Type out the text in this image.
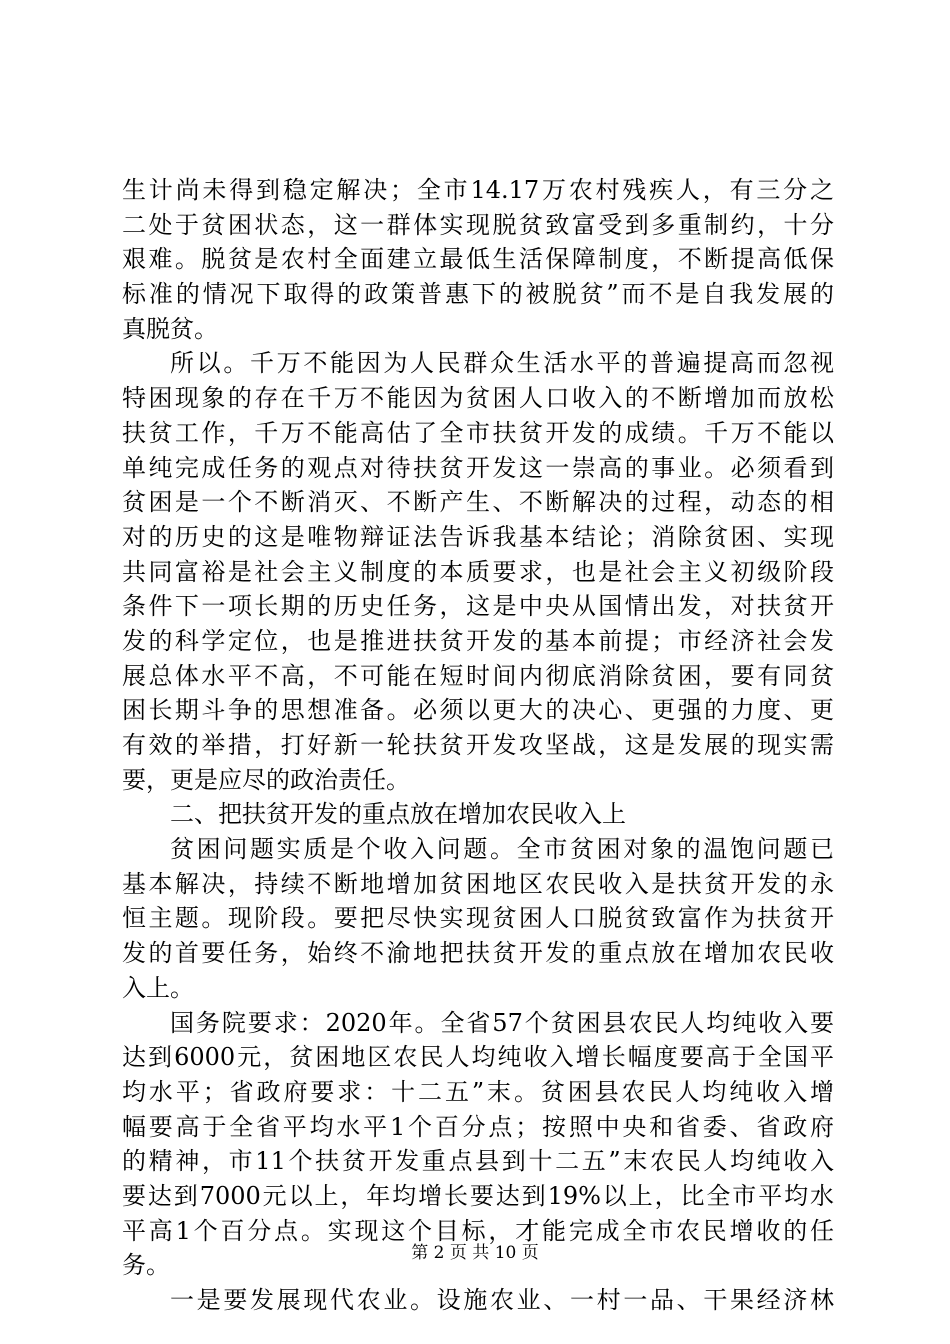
生计尚未得到稳定解决；全市14.17万农村残疾人，有三分之
二处于贫困状态，这一群体实现脱贫致富受到多重制约，十分
艰难。脱贫是农村全面建立最低生活保障制度，不断提高低保
标准的情况下取得的政策普惠下的被脱贫”而不是自我发展的
真脱贫。
所以。千万不能因为人民群众生活水平的普遍提高而忽视
特困现象的存在千万不能因为贫困人口收入的不断增加而放松
扶贫工作，千万不能高估了全市扶贫开发的成绩。千万不能以
单纯完成任务的观点对待扶贫开发这一崇高的事业。必须看到
贫困是一个不断消灭、不断产生、不断解决的过程，动态的相
对的历史的这是唯物辩证法告诉我基本结论；消除贫困、实现
共同富裕是社会主义制度的本质要求，也是社会主义初级阶段
条件下一项长期的历史任务，这是中央从国情出发，对扶贫开
发的科学定位，也是推进扶贫开发的基本前提；市经济社会发
展总体水平不高，不可能在短时间内彻底消除贫困，要有同贫
困长期斗争的思想准备。必须以更大的决心、更强的力度、更
有效的举措，打好新一轮扶贫开发攻坚战，这是发展的现实需
要，更是应尽的政治责任。
二、把扶贫开发的重点放在增加农民收入上
贫困问题实质是个收入问题。全市贫困对象的温饱问题已
基本解决，持续不断地增加贫困地区农民收入是扶贫开发的永
恒主题。现阶段。要把尽快实现贫困人口脱贫致富作为扶贫开
发的首要任务，始终不渝地把扶贫开发的重点放在增加农民收
入上。
国务院要求：2020年。全省57个贫困县农民人均纯收入要
达到6000元，贫困地区农民人均纯收入增长幅度要高于全国平
均水平；省政府要求：十二五”末。贫困县农民人均纯收入增
幅要高于全省平均水平1个百分点；按照中央和省委、省政府
的精神，市11个扶贫开发重点县到十二五”末农民人均纯收入
要达到7000元以上，年均增长要达到19%以上，比全市平均水
平高1个百分点。实现这个目标，才能完成全市农民增收的任
务。
一是要发展现代农业。设施农业、一村一品、干果经济林
第 2 页 共 10 页
